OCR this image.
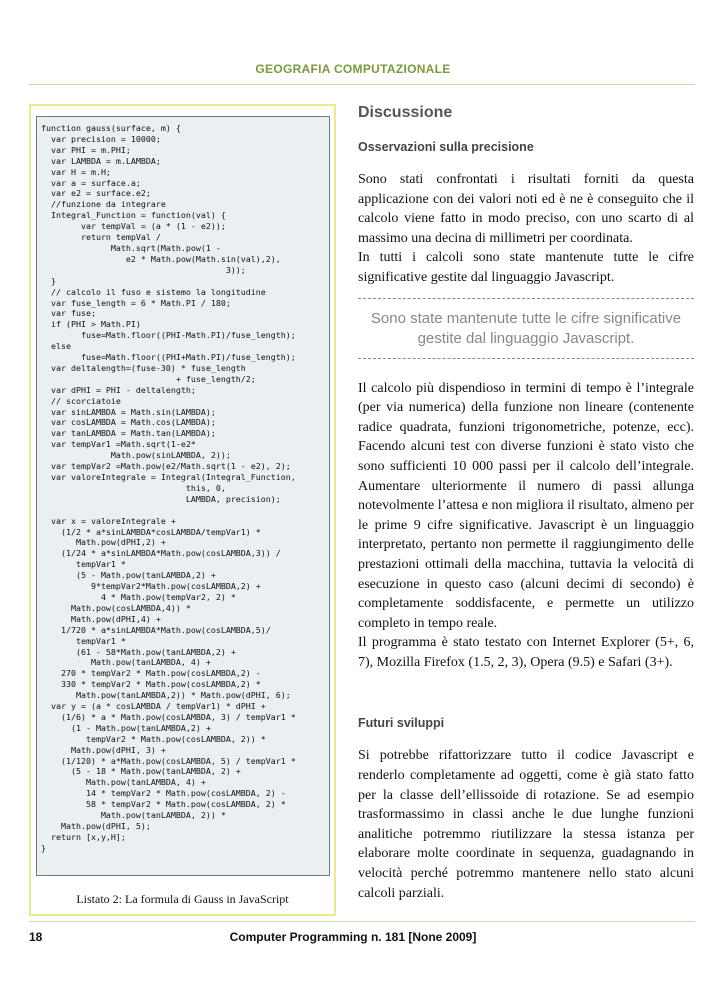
GEOGRAFIA COMPUTAZIONALE
function gauss(surface, m) {
var precision = 10000;
var PHI = m.PHI;
var LAMBDA = m.LAMBDA;
var H = m.H;
var a = surface.a;
var e2 = surface.e2;
//funzione da integrare
Integral_Function = function(val) {
var tempVal = (a * (1 - e2));
return tempVal /
Math.sqrt(Math.pow(1 -
e2 * Math.pow(Math.sin(val),2),
3));
}
// calcolo il fuso e sistemo la longitudine
var fuse_length = 6 * Math.PI / 180;
var fuse;
if (PHI > Math.PI)
fuse=Math.floor((PHI-Math.PI)/fuse_length);
else
fuse=Math.floor((PHI+Math.PI)/fuse_length);
var deltalength=(fuse-30) * fuse_length
+ fuse_length/2;
var dPHI = PHI - deltalength;
// scorciatoie
var sinLAMBDA = Math.sin(LAMBDA);
var cosLAMBDA = Math.cos(LAMBDA);
var tanLAMBDA = Math.tan(LAMBDA);
var tempVar1 =Math.sqrt(1-e2*
Math.pow(sinLAMBDA, 2));
var tempVar2 =Math.pow(e2/Math.sqrt(1 - e2), 2);
var valoreIntegrale = Integral(Integral_Function,
this, 0,
LAMBDA, precision);

var x = valoreIntegrale +
(1/2 * a*sinLAMBDA*cosLAMBDA/tempVar1) *
Math.pow(dPHI,2) +
(1/24 * a*sinLAMBDA*Math.pow(cosLAMBDA,3)) /
tempVar1 *
(5 - Math.pow(tanLAMBDA,2) +
9*tempVar2*Math.pow(cosLAMBDA,2) +
4 * Math.pow(tempVar2, 2) *
Math.pow(cosLAMBDA,4)) *
Math.pow(dPHI,4) +
1/720 * a*sinLAMBDA*Math.pow(cosLAMBDA,5)/
tempVar1 *
(61 - 58*Math.pow(tanLAMBDA,2) +
Math.pow(tanLAMBDA, 4) +
270 * tempVar2 * Math.pow(cosLAMBDA,2) -
330 * tempVar2 * Math.pow(cosLAMBDA,2) *
Math.pow(tanLAMBDA,2)) * Math.pow(dPHI, 6);
var y = (a * cosLAMBDA / tempVar1) * dPHI +
(1/6) * a * Math.pow(cosLAMBDA, 3) / tempVar1 *
(1 - Math.pow(tanLAMBDA,2) +
tempVar2 * Math.pow(cosLAMBDA, 2)) *
Math.pow(dPHI, 3) +
(1/120) * a*Math.pow(cosLAMBDA, 5) / tempVar1 *
(5 - 18 * Math.pow(tanLAMBDA, 2) +
Math.pow(tanLAMBDA, 4) +
14 * tempVar2 * Math.pow(cosLAMBDA, 2) -
58 * tempVar2 * Math.pow(cosLAMBDA, 2) *
Math.pow(tanLAMBDA, 2)) *
Math.pow(dPHI, 5);
return [x,y,H];
}
Listato 2: La formula di Gauss in JavaScript
Discussione
Osservazioni sulla precisione

Sono stati confrontati i risultati forniti da questa applicazione con dei valori noti ed è ne è conseguito che il calcolo viene fatto in modo preciso, con uno scarto di al massimo una decina di millimetri per coordinata.

In tutti i calcoli sono state mantenute tutte le cifre significative gestite dal linguaggio Javascript.

Sono state mantenute tutte le cifre significative gestite dal linguaggio Javascript.

Il calcolo più dispendioso in termini di tempo è l’integrale (per via numerica) della funzione non lineare (contenente radice quadrata, funzioni trigonometriche, potenze, ecc). Facendo alcuni test con diverse funzioni è stato visto che sono sufficienti 10 000 passi per il calcolo dell’integrale. Aumentare ulteriormente il numero di passi allunga notevolmente l’attesa e non migliora il risultato, almeno per le prime 9 cifre significative. Javascript è un linguaggio interpretato, pertanto non permette il raggiungimento delle prestazioni ottimali della macchina, tuttavia la velocità di esecuzione in questo caso (alcuni decimi di secondo) è completamente soddisfacente, e permette un utilizzo completo in tempo reale.

Il programma è stato testato con Internet Explorer (5+, 6, 7), Mozilla Firefox (1.5, 2, 3), Opera (9.5) e Safari (3+).

Futuri sviluppi

Si potrebbe rifattorizzare tutto il codice Javascript e renderlo completamente ad oggetti, come è già stato fatto per la classe dell’ellissoide di rotazione. Se ad esempio trasformassimo in classi anche le due lunghe funzioni analitiche potremmo riutilizzare la stessa istanza per elaborare molte coordinate in sequenza, guadagnando in velocità perché potremmo mantenere nello stato alcuni calcoli parziali.

18	Computer Programming n. 181 [None 2009]
